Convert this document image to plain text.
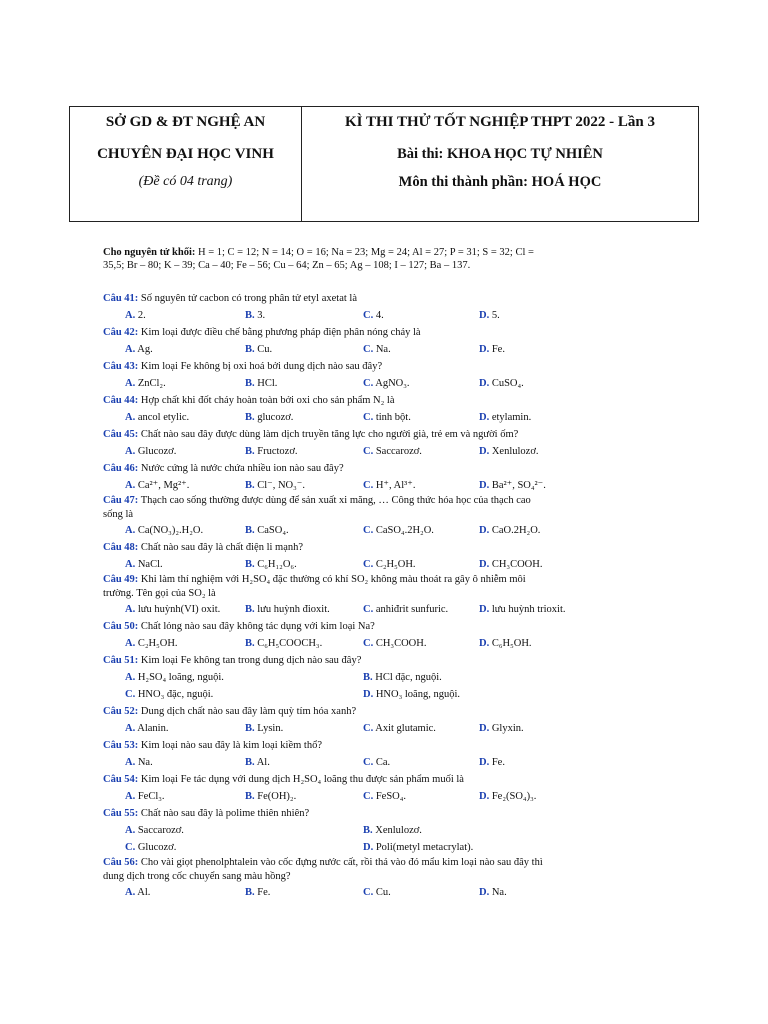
SỞ GD & ĐT NGHỆ AN
CHUYÊN ĐẠI HỌC VINH
(Đề có 04 trang)
KÌ THI THỬ TỐT NGHIỆP THPT 2022 - Lần 3
Bài thi: KHOA HỌC TỰ NHIÊN
Môn thi thành phần: HOÁ HỌC
Cho nguyên tử khối: H = 1; C = 12; N = 14; O = 16; Na = 23; Mg = 24; Al = 27; P = 31; S = 32; Cl =
35,5; Br – 80; K – 39; Ca – 40; Fe – 56; Cu – 64; Zn – 65; Ag – 108; I – 127; Ba – 137.
Câu 41: Số nguyên tử cacbon có trong phân tử etyl axetat là
A. 2.	B. 3.	C. 4.	D. 5.
Câu 42: Kim loại được điều chế bằng phương pháp điện phân nóng chảy là
A. Ag.	B. Cu.	C. Na.	D. Fe.
Câu 43: Kim loại Fe không bị oxi hoá bởi dung dịch nào sau đây?
A. ZnCl₂.	B. HCl.	C. AgNO₃.	D. CuSO₄.
Câu 44: Hợp chất khi đốt cháy hoàn toàn bởi oxi cho sản phẩm N₂ là
A. ancol etylic.	B. glucozơ.	C. tinh bột.	D. etylamin.
Câu 45: Chất nào sau đây được dùng làm dịch truyền tăng lực cho người già, trẻ em và người ốm?
A. Glucozơ.	B. Fructozơ.	C. Saccarozơ.	D. Xenlulozơ.
Câu 46: Nước cứng là nước chứa nhiều ion nào sau đây?
A. Ca²⁺, Mg²⁺.	B. Cl⁻, NO₃⁻.	C. H⁺, Al³⁺.	D. Ba²⁺, SO₄²⁻.
Câu 47: Thạch cao sống thường được dùng để sản xuất xi măng, … Công thức hóa học của thạch cao
sống là
A. Ca(NO₃)₂.H₂O.	B. CaSO₄.	C. CaSO₄.2H₂O.	D. CaO.2H₂O.
Câu 48: Chất nào sau đây là chất điện li mạnh?
A. NaCl.	B. C₆H₁₂O₆.	C. C₂H₅OH.	D. CH₃COOH.
Câu 49: Khi làm thí nghiệm với H₂SO₄ đặc thường có khí SO₂ không màu thoát ra gây ô nhiễm môi
trường. Tên gọi của SO₂ là
A. lưu huỳnh(VI) oxit. B. lưu huỳnh đioxit.	C. anhiđrit sunfuric.	D. lưu huỳnh trioxit.
Câu 50: Chất lỏng nào sau đây không tác dụng với kim loại Na?
A. C₂H₅OH.	B. C₆H₅COOCH₃.	C. CH₃COOH.	D. C₆H₅OH.
Câu 51: Kim loại Fe không tan trong dung dịch nào sau đây?
A. H₂SO₄ loãng, nguội.	B. HCl đặc, nguội.
C. HNO₃ đặc, nguội.	D. HNO₃ loãng, nguội.
Câu 52: Dung dịch chất nào sau đây làm quỳ tím hóa xanh?
A. Alanin.	B. Lysin.	C. Axit glutamic.	D. Glyxin.
Câu 53: Kim loại nào sau đây là kim loại kiềm thổ?
A. Na.	B. Al.	C. Ca.	D. Fe.
Câu 54: Kim loại Fe tác dụng với dung dịch H₂SO₄ loãng thu được sản phẩm muối là
A. FeCl₃.	B. Fe(OH)₂.	C. FeSO₄.	D. Fe₂(SO₄)₃.
Câu 55: Chất nào sau đây là polime thiên nhiên?
A. Saccarozơ.	B. Xenlulozơ.
C. Glucozơ.	D. Poli(metyl metacrylat).
Câu 56: Cho vài giọt phenolphtalein vào cốc đựng nước cất, rồi thả vào đó mẩu kim loại nào sau đây thì
dung dịch trong cốc chuyển sang màu hồng?
A. Al.	B. Fe.	C. Cu.	D. Na.
